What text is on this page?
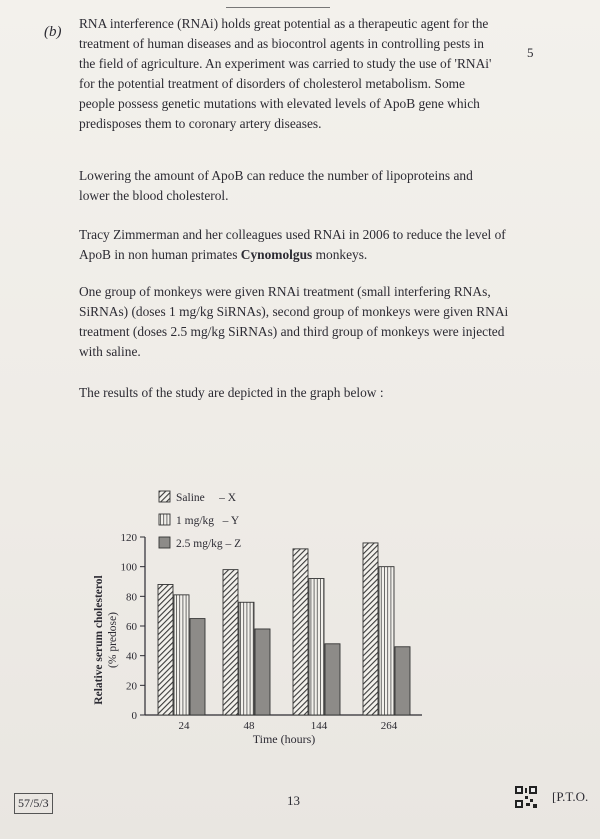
(b)
5

RNA interference (RNAi) holds great potential as a therapeutic agent for the treatment of human diseases and as biocontrol agents in controlling pests in the field of agriculture. An experiment was carried to study the use of 'RNAi' for the potential treatment of disorders of cholesterol metabolism. Some people possess genetic mutations with elevated levels of ApoB gene which predisposes them to coronary artery diseases.

Lowering the amount of ApoB can reduce the number of lipoproteins and lower the blood cholesterol.

Tracy Zimmerman and her colleagues used RNAi in 2006 to reduce the level of ApoB in non human primates Cynomolgus monkeys.

One group of monkeys were given RNAi treatment (small interfering RNAs, SiRNAs) (doses 1 mg/kg SiRNAs), second group of monkeys were given RNAi treatment (doses 2.5 mg/kg SiRNAs) and third group of monkeys were injected with saline.

The results of the study are depicted in the graph below :

Saline     – X
1 mg/kg   – Y
2.5 mg/kg – Z
0
20
40
60
80
100
120
Relative serum cholesterol (% predose)
Time (hours)
24	48	144	264
57/5/3	13	[P.T.O.
